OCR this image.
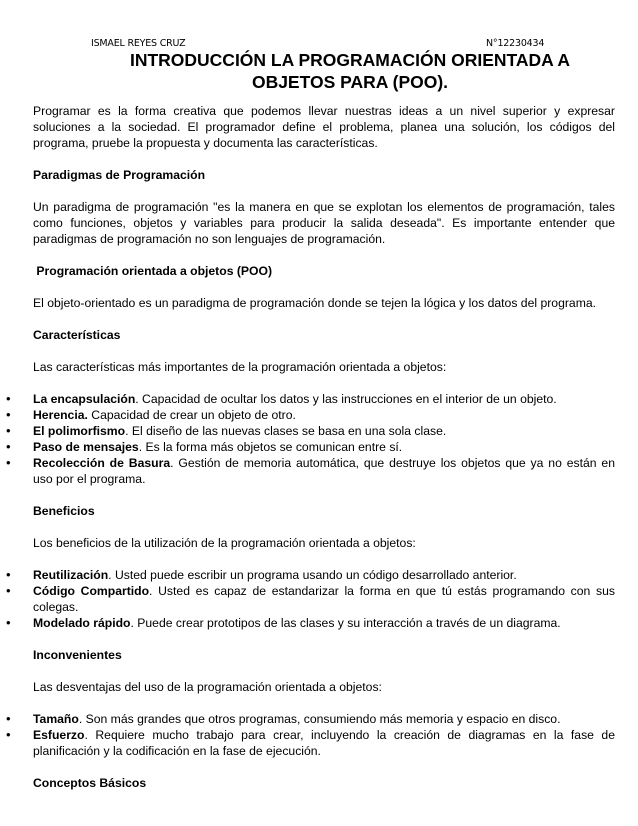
ISMAEL REYES CRUZ	N°12230434
INTRODUCCIÓN LA PROGRAMACIÓN ORIENTADA A
OBJETOS PARA (POO).

Programar es la forma creativa que podemos llevar nuestras ideas a un nivel superior y expresar soluciones a la sociedad. El programador define el problema, planea una solución, los códigos del programa, pruebe la propuesta y documenta las características.

Paradigmas de Programación

Un paradigma de programación "es la manera en que se explotan los elementos de programación, tales como funciones, objetos y variables para producir la salida deseada". Es importante entender que paradigmas de programación no son lenguajes de programación.

Programación orientada a objetos (POO)

El objeto-orientado es un paradigma de programación donde se tejen la lógica y los datos del programa.

Características

Las características más importantes de la programación orientada a objetos:

• La encapsulación. Capacidad de ocultar los datos y las instrucciones en el interior de un objeto.
• Herencia. Capacidad de crear un objeto de otro.
• El polimorfismo. El diseño de las nuevas clases se basa en una sola clase.
• Paso de mensajes. Es la forma más objetos se comunican entre sí.
• Recolección de Basura. Gestión de memoria automática, que destruye los objetos que ya no están en uso por el programa.

Beneficios

Los beneficios de la utilización de la programación orientada a objetos:

• Reutilización. Usted puede escribir un programa usando un código desarrollado anterior.
• Código Compartido. Usted es capaz de estandarizar la forma en que tú estás programando con sus colegas.
• Modelado rápido. Puede crear prototipos de las clases y su interacción a través de un diagrama.

Inconvenientes

Las desventajas del uso de la programación orientada a objetos:

• Tamaño. Son más grandes que otros programas, consumiendo más memoria y espacio en disco.
• Esfuerzo. Requiere mucho trabajo para crear, incluyendo la creación de diagramas en la fase de planificación y la codificación en la fase de ejecución.

Conceptos Básicos
